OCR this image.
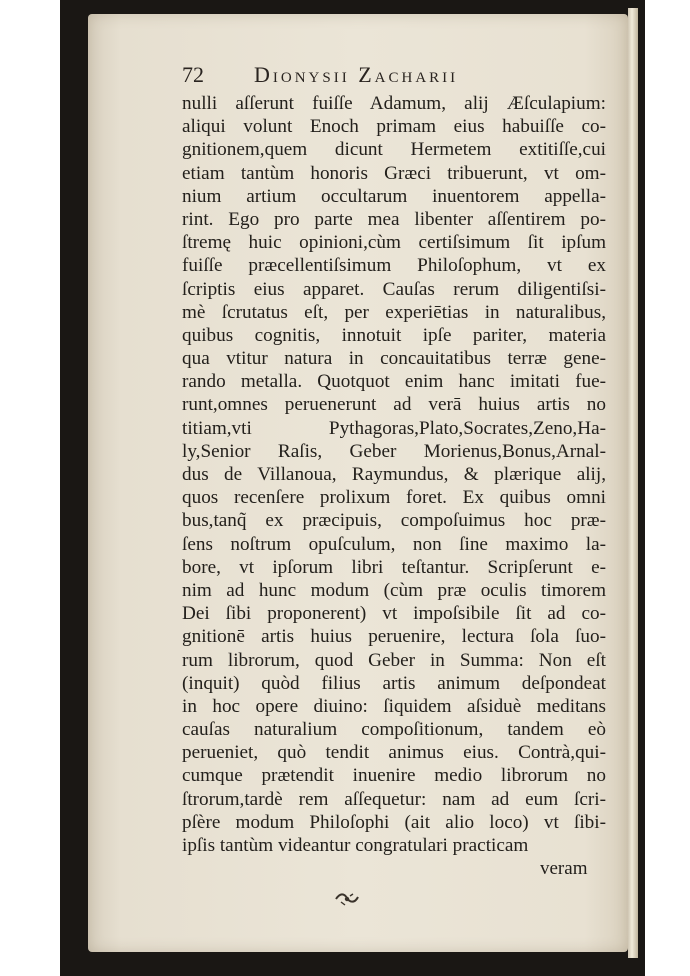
72 Dionysii Zacharii
nulli aſſerunt fuiſſe Adamum, alij Æſculapium:
aliqui volunt Enoch primam eius habuiſſe co-
gnitionem,quem dicunt Hermetem extitiſſe,cui
etiam tantùm honoris Græci tribuerunt, vt om-
nium artium occultarum inuentorem appella-
rint. Ego pro parte mea libenter aſſentirem po-
ſtremę huic opinioni,cùm certiſsimum ſit ipſum
fuiſſe præcellentiſsimum Philoſophum, vt ex
ſcriptis eius apparet. Cauſas rerum diligentiſsi-
mè ſcrutatus eſt, per experiētias in naturalibus,
quibus cognitis, innotuit ipſe pariter, materia
qua vtitur natura in concauitatibus terræ gene-
rando metalla. Quotquot enim hanc imitati fue-
runt,omnes peruenerunt ad verā huius artis no
titiam,vti Pythagoras,Plato,Socrates,Zeno,Ha-
ly,Senior Raſis, Geber Morienus,Bonus,Arnal-
dus de Villanoua, Raymundus, & plærique alij,
quos recenſere prolixum foret. Ex quibus omni
bus,tanq̃ ex præcipuis, compoſuimus hoc præ-
ſens noſtrum opuſculum, non ſine maximo la-
bore, vt ipſorum libri teſtantur. Scripſerunt e-
nim ad hunc modum (cùm præ oculis timorem
Dei ſibi proponerent) vt impoſsibile ſit ad co-
gnitionē artis huius peruenire, lectura ſola ſuo-
rum librorum, quod Geber in Summa: Non eſt
(inquit) quòd filius artis animum deſpondeat
in hoc opere diuino: ſiquidem aſsiduè meditans
cauſas naturalium compoſitionum, tandem eò
perueniet, quò tendit animus eius. Contrà,qui-
cumque prætendit inuenire medio librorum no
ſtrorum,tardè rem aſſequetur: nam ad eum ſcri-
pſère modum Philoſophi (ait alio loco) vt ſibi-
ipſis tantùm videantur congratulari practicam
veram
